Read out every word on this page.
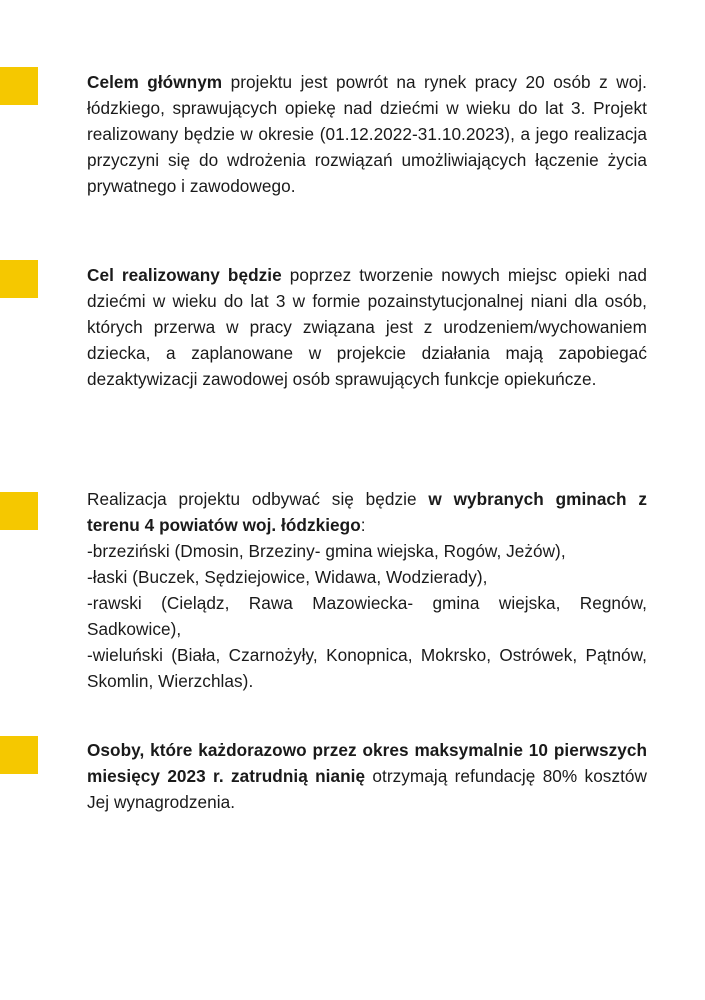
Celem głównym projektu jest powrót na rynek pracy 20 osób z woj. łódzkiego, sprawujących opiekę nad dziećmi w wieku do lat 3. Projekt realizowany będzie w okresie (01.12.2022-31.10.2023), a jego realizacja przyczyni się do wdrożenia rozwiązań umożliwiających łączenie życia prywatnego i zawodowego.

Cel realizowany będzie poprzez tworzenie nowych miejsc opieki nad dziećmi w wieku do lat 3 w formie pozainstytucjonalnej niani dla osób, których przerwa w pracy związana jest z urodzeniem/wychowaniem dziecka, a zaplanowane w projekcie działania mają zapobiegać dezaktywizacji zawodowej osób sprawujących funkcje opiekuńcze.

Realizacja projektu odbywać się będzie w wybranych gminach z terenu 4 powiatów woj. łódzkiego:

-brzeziński (Dmosin, Brzeziny- gmina wiejska, Rogów, Jeżów),
-łaski (Buczek, Sędziejowice, Widawa, Wodzierady),
-rawski (Cielądz, Rawa Mazowiecka- gmina wiejska, Regnów, Sadkowice),
-wieluński (Biała, Czarnożyły, Konopnica, Mokrsko, Ostrówek, Pątnów, Skomlin, Wierzchlas).

Osoby, które każdorazowo przez okres maksymalnie 10 pierwszych miesięcy 2023 r. zatrudnią nianię otrzymają refundację 80% kosztów Jej wynagrodzenia.
